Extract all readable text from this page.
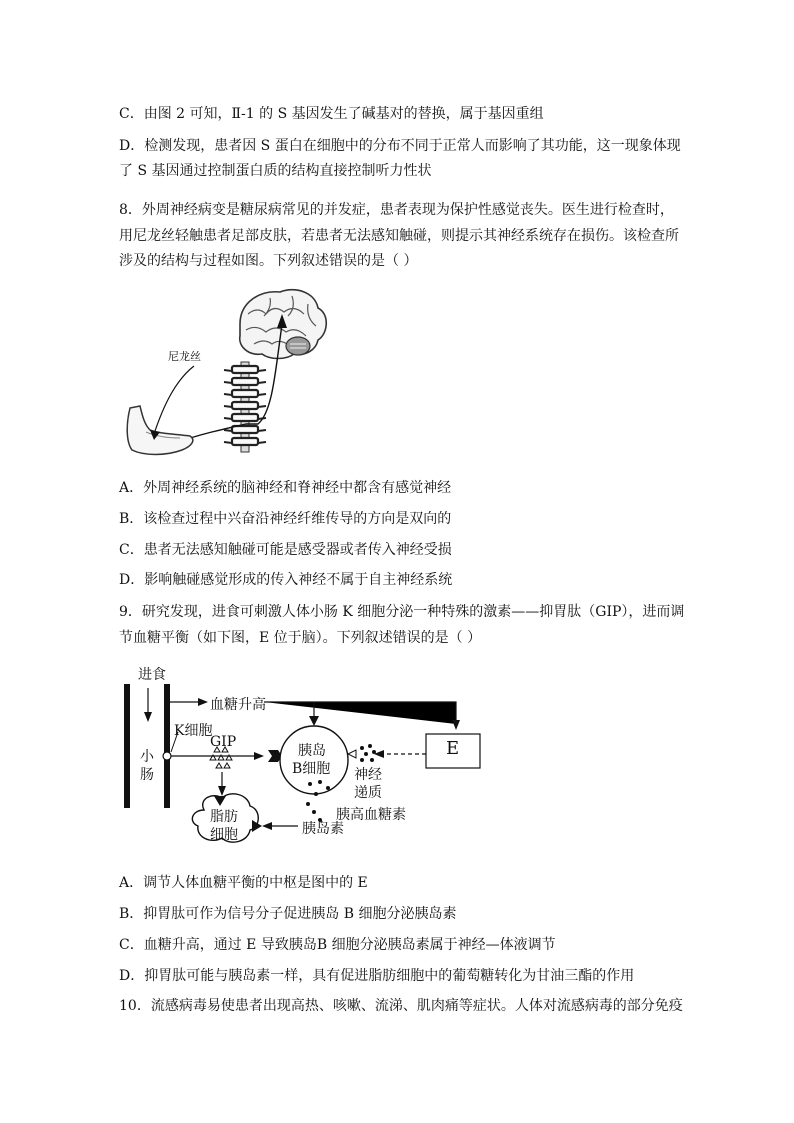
C．由图 2 可知，Ⅱ-1 的 S 基因发生了碱基对的替换，属于基因重组
D．检测发现，患者因 S 蛋白在细胞中的分布不同于正常人而影响了其功能，这一现象体现
了 S 基因通过控制蛋白质的结构直接控制听力性状
8．外周神经病变是糖尿病常见的并发症，患者表现为保护性感觉丧失。医生进行检查时，
用尼龙丝轻触患者足部皮肤，若患者无法感知触碰，则提示其神经系统存在损伤。该检查所
涉及的结构与过程如图。下列叙述错误的是（ ）
尼龙丝
A．外周神经系统的脑神经和脊神经中都含有感觉神经
B．该检查过程中兴奋沿神经纤维传导的方向是双向的
C．患者无法感知触碰可能是感受器或者传入神经受损
D．影响触碰感觉形成的传入神经不属于自主神经系统
9．研究发现，进食可刺激人体小肠 K 细胞分泌一种特殊的激素——抑胃肽（GIP），进而调
节血糖平衡（如下图，E 位于脑）。下列叙述错误的是（ ）
进食
血糖升高
K细胞
小
肠
GIP
胰岛
B细胞
E
神经
递质
胰高血糖素
脂肪
细胞	胰岛素
A．调节人体血糖平衡的中枢是图中的 E
B．抑胃肽可作为信号分子促进胰岛 B 细胞分泌胰岛素
C．血糖升高，通过 E 导致胰岛B 细胞分泌胰岛素属于神经—体液调节
D．抑胃肽可能与胰岛素一样，具有促进脂肪细胞中的葡萄糖转化为甘油三酯的作用
10．流感病毒易使患者出现高热、咳嗽、流涕、肌肉痛等症状。人体对流感病毒的部分免疫
